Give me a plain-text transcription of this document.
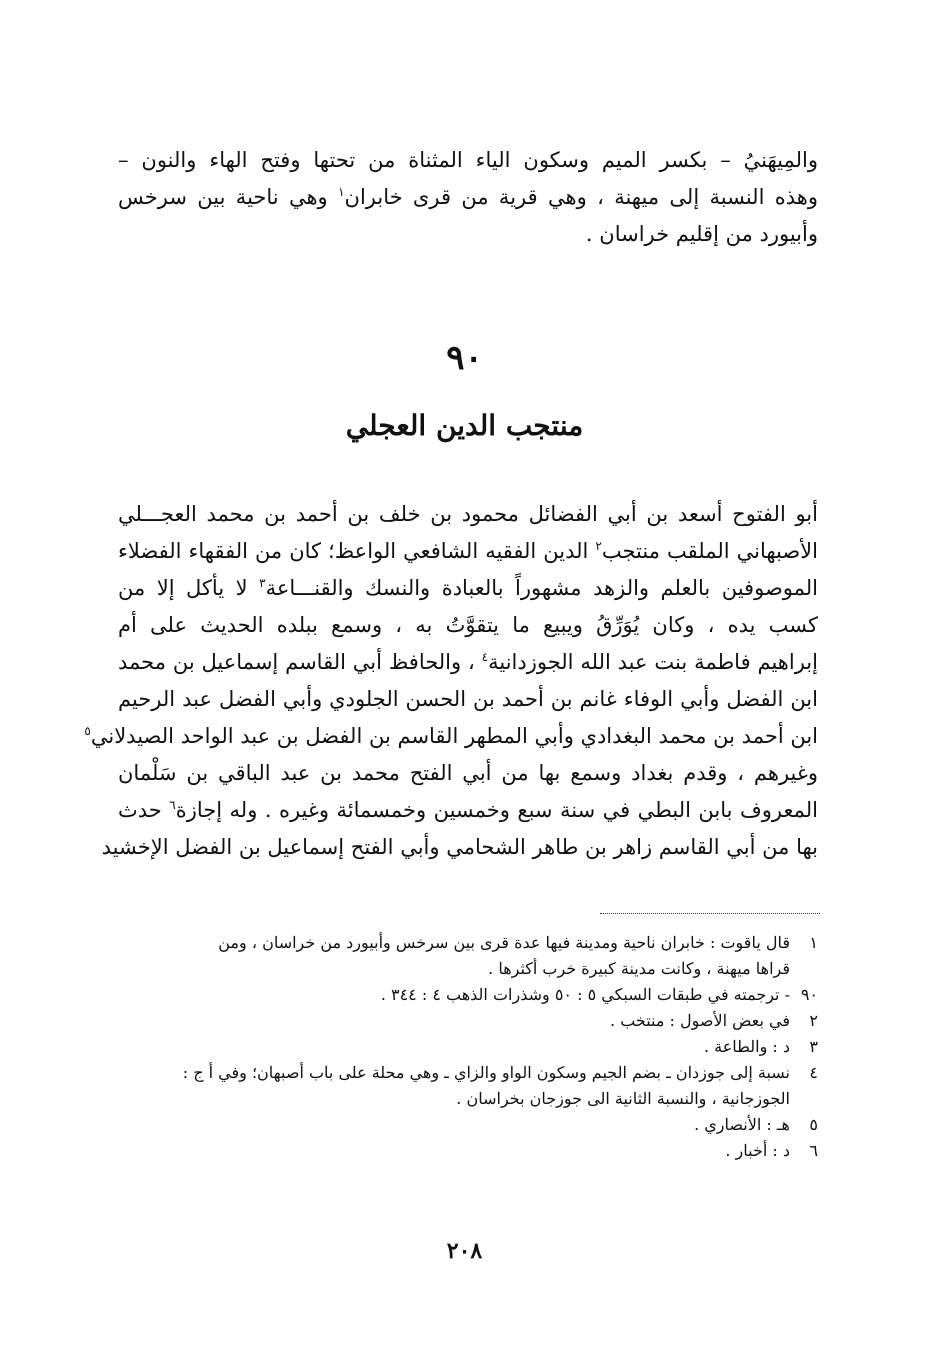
والمِيهَنيُ – بكسر الميم وسكون الياء المثناة من تحتها وفتح الهاء والنون –
وهذه النسبة إلى ميهنة ، وهي قرية من قرى خابران$^١$ وهي ناحية بين سرخس
وأبيورد من إقليم خراسان .
٩٠
منتجب الدين العجلي
أبو الفتوح أسعد بن أبي الفضائل محمود بن خلف بن أحمد بن محمد العجـــلي
الأصبهاني الملقب منتجب$^٢$ الدين الفقيه الشافعي الواعظ؛ كان من الفقهاء الفضلاء
الموصوفين بالعلم والزهد مشهوراً بالعبادة والنسك والقنـــاعة$^٣$ لا يأكل إلا من
كسب يده ، وكان يُوَرِّقُ ويبيع ما يتقوَّتُ به ، وسمع ببلده الحديث على أم
إبراهيم فاطمة بنت عبد الله الجوزدانية$^٤$ ، والحافظ أبي القاسم إسماعيل بن محمد
ابن الفضل وأبي الوفاء غانم بن أحمد بن الحسن الجلودي وأبي الفضل عبد الرحيم
ابن أحمد بن محمد البغدادي وأبي المطهر القاسم بن الفضل بن عبد الواحد الصيدلاني$^٥$
وغيرهم ، وقدم بغداد وسمع بها من أبي الفتح محمد بن عبد الباقي بن سَلْمان
المعروف بابن البطي في سنة سبع وخمسين وخمسمائة وغيره . وله إجازة$^٦$ حدث
بها من أبي القاسم زاهر بن طاهر الشحامي وأبي الفتح إسماعيل بن الفضل الإخشيد
١
قال ياقوت : خابران ناحية ومدينة فيها عدة قرى بين سرخس وأبيورد من خراسان ، ومن
قراها ميهنة ، وكانت مدينة كبيرة خرب أكثرها .
٩٠
- ترجمته في طبقات السبكي ٥ : ٥٠ وشذرات الذهب ٤ : ٣٤٤ .
٢
في بعض الأصول : منتخب .
٣
د : والطاعة .
٤
نسبة إلى جوزدان ـ بضم الجيم وسكون الواو والزاي ـ وهي محلة على باب أصبهان؛ وفي أ ج :
الجوزجانية ، والنسبة الثانية الى جوزجان بخراسان .
٥
هـ : الأنصاري .
٦
د : أخبار .
٢٠٨
